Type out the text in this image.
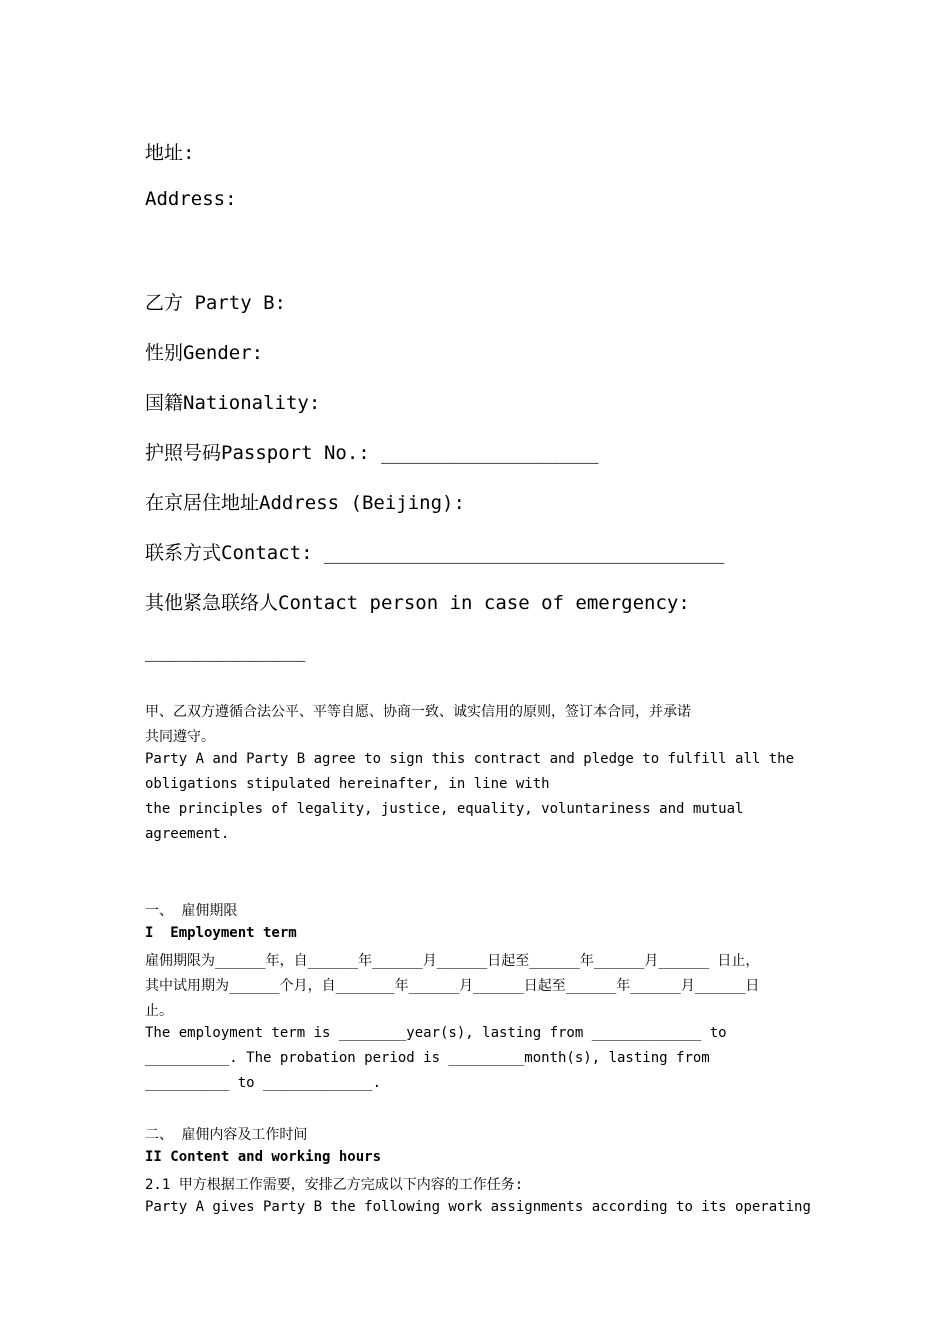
地址:
Address:
乙方 Party B:
性别Gender:
国籍Nationality:
护照号码Passport No.: ___________________
在京居住地址Address (Beijing):
联系方式Contact: ___________________________________
其他紧急联络人Contact person in case of emergency:
______________
甲、乙双方遵循合法公平、平等自愿、协商一致、诚实信用的原则，签订本合同，并承诺
共同遵守。
Party A and Party B agree to sign this contract and pledge to fulfill all the
obligations stipulated hereinafter, in line with
the principles of legality, justice, equality, voluntariness and mutual
agreement.
一、 雇佣期限
I  Employment term
雇佣期限为______年，自______年______月______日起至______年______月______ 日止，
其中试用期为______个月，自_______年______月______日起至______年______月______日
止。
The employment term is ________year(s), lasting from _____________ to
__________. The probation period is _________month(s), lasting from
__________ to _____________.
二、 雇佣内容及工作时间
II Content and working hours
2.1 甲方根据工作需要，安排乙方完成以下内容的工作任务:
Party A gives Party B the following work assignments according to its operating
